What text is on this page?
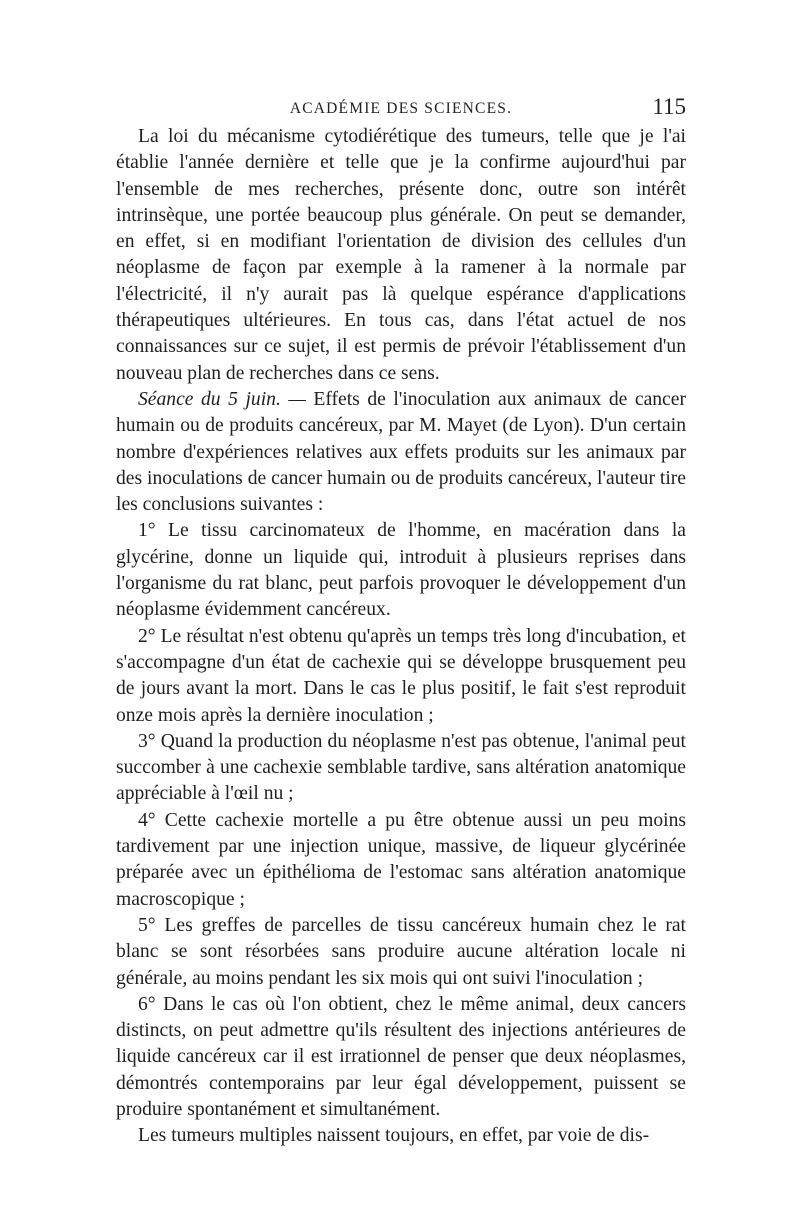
ACADÉMIE DES SCIENCES.	115

La loi du mécanisme cytodiérétique des tumeurs, telle que je l'ai établie l'année dernière et telle que je la confirme aujourd'hui par l'ensemble de mes recherches, présente donc, outre son intérêt intrinsèque, une portée beaucoup plus générale. On peut se demander, en effet, si en modifiant l'orientation de division des cellules d'un néoplasme de façon par exemple à la ramener à la normale par l'électricité, il n'y aurait pas là quelque espérance d'applications thérapeutiques ultérieures. En tous cas, dans l'état actuel de nos connaissances sur ce sujet, il est permis de prévoir l'établissement d'un nouveau plan de recherches dans ce sens.

Séance du 5 juin. — Effets de l'inoculation aux animaux de cancer humain ou de produits cancéreux, par M. Mayet (de Lyon). D'un certain nombre d'expériences relatives aux effets produits sur les animaux par des inoculations de cancer humain ou de produits cancéreux, l'auteur tire les conclusions suivantes :

1° Le tissu carcinomateux de l'homme, en macération dans la glycérine, donne un liquide qui, introduit à plusieurs reprises dans l'organisme du rat blanc, peut parfois provoquer le développement d'un néoplasme évidemment cancéreux.

2° Le résultat n'est obtenu qu'après un temps très long d'incubation, et s'accompagne d'un état de cachexie qui se développe brusquement peu de jours avant la mort. Dans le cas le plus positif, le fait s'est reproduit onze mois après la dernière inoculation ;

3° Quand la production du néoplasme n'est pas obtenue, l'animal peut succomber à une cachexie semblable tardive, sans altération anatomique appréciable à l'œil nu ;

4° Cette cachexie mortelle a pu être obtenue aussi un peu moins tardivement par une injection unique, massive, de liqueur glycérinée préparée avec un épithélioma de l'estomac sans altération anatomique macroscopique ;

5° Les greffes de parcelles de tissu cancéreux humain chez le rat blanc se sont résorbées sans produire aucune altération locale ni générale, au moins pendant les six mois qui ont suivi l'inoculation ;

6° Dans le cas où l'on obtient, chez le même animal, deux cancers distincts, on peut admettre qu'ils résultent des injections antérieures de liquide cancéreux car il est irrationnel de penser que deux néoplasmes, démontrés contemporains par leur égal développement, puissent se produire spontanément et simultanément.

Les tumeurs multiples naissent toujours, en effet, par voie de dis-
